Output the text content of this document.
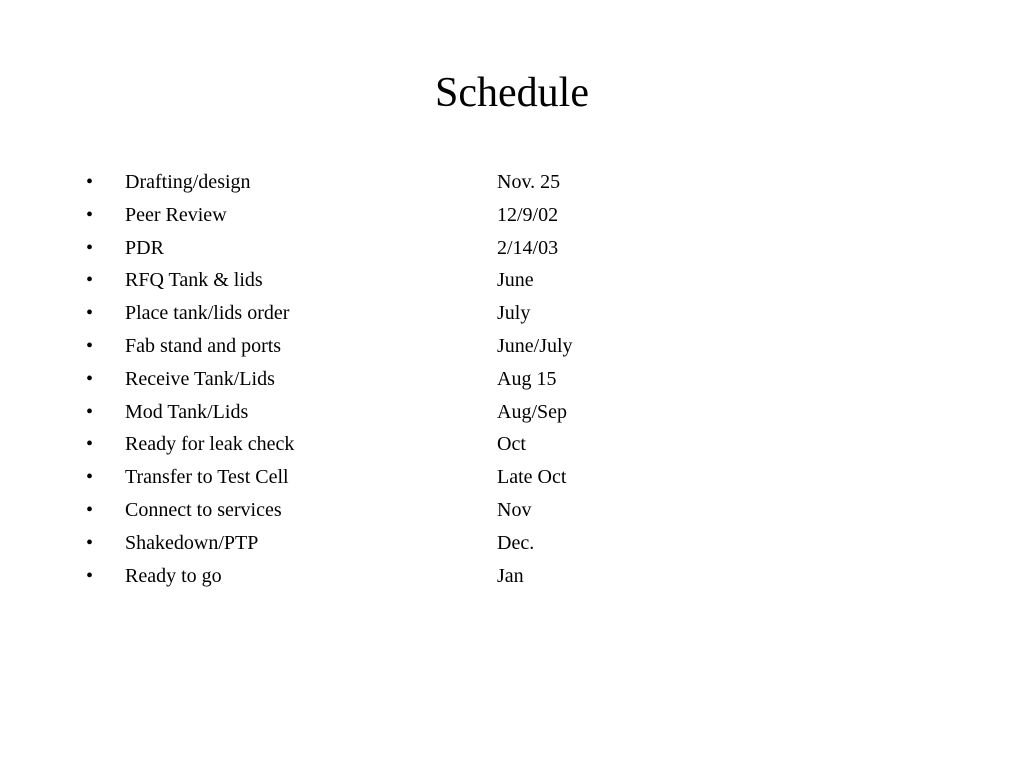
Schedule
•	Drafting/design	Nov. 25
•	Peer Review	12/9/02
•	PDR	2/14/03
•	RFQ Tank & lids	June
•	Place tank/lids order	July
•	Fab stand and ports	June/July
•	Receive Tank/Lids	Aug 15
•	Mod Tank/Lids	Aug/Sep
•	Ready for leak check	Oct
•	Transfer to Test Cell	Late Oct
•	Connect to services	Nov
•	Shakedown/PTP	Dec.
•	Ready to go	Jan
